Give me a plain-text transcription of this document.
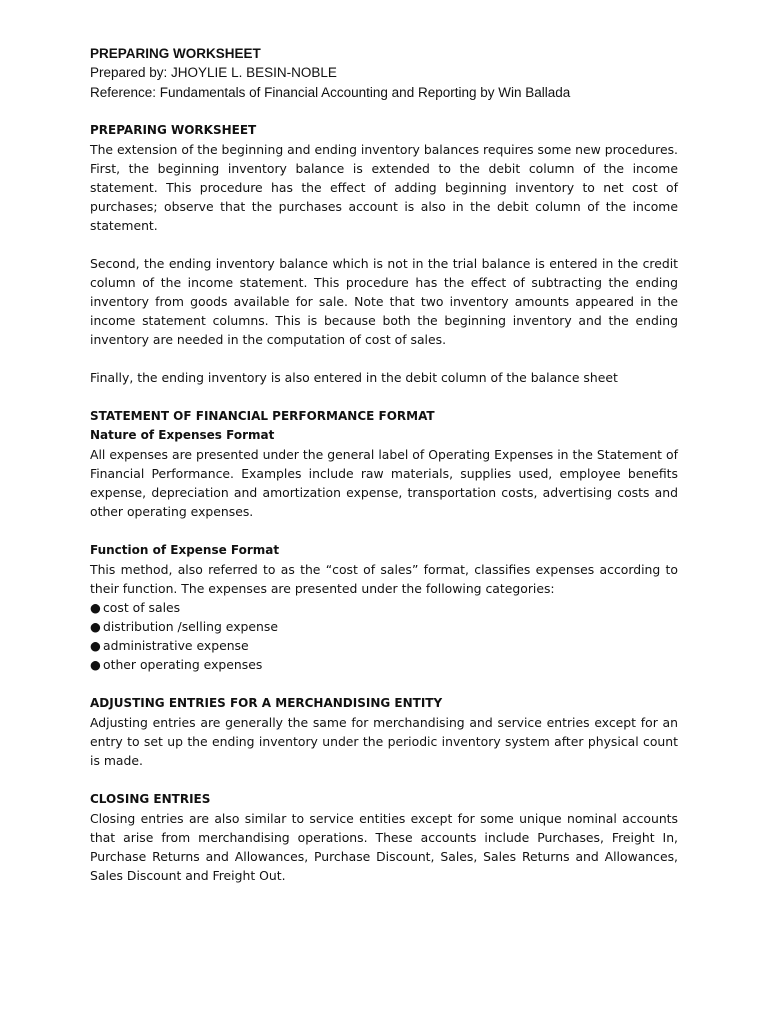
PREPARING WORKSHEET

Prepared by: JHOYLIE L. BESIN-NOBLE

Reference: Fundamentals of Financial Accounting and Reporting by Win Ballada

PREPARING WORKSHEET

The extension of the beginning and ending inventory balances requires some new procedures. First, the beginning inventory balance is extended to the debit column of the income statement. This procedure has the effect of adding beginning inventory to net cost of purchases; observe that the purchases account is also in the debit column of the income statement.

Second, the ending inventory balance which is not in the trial balance is entered in the credit column of the income statement. This procedure has the effect of subtracting the ending inventory from goods available for sale. Note that two inventory amounts appeared in the income statement columns. This is because both the beginning inventory and the ending inventory are needed in the computation of cost of sales.

Finally, the ending inventory is also entered in the debit column of the balance sheet

STATEMENT OF FINANCIAL PERFORMANCE FORMAT

Nature of Expenses Format

All expenses are presented under the general label of Operating Expenses in the Statement of Financial Performance. Examples include raw materials, supplies used, employee benefits expense, depreciation and amortization expense, transportation costs, advertising costs and other operating expenses.

Function of Expense Format

This method, also referred to as the “cost of sales” format, classifies expenses according to their function. The expenses are presented under the following categories:

● cost of sales
● distribution /selling expense
● administrative expense
● other operating expenses

ADJUSTING ENTRIES FOR A MERCHANDISING ENTITY

Adjusting entries are generally the same for merchandising and service entries except for an entry to set up the ending inventory under the periodic inventory system after physical count is made.

CLOSING ENTRIES

Closing entries are also similar to service entities except for some unique nominal accounts that arise from merchandising operations. These accounts include Purchases, Freight In, Purchase Returns and Allowances, Purchase Discount, Sales, Sales Returns and Allowances, Sales Discount and Freight Out.
